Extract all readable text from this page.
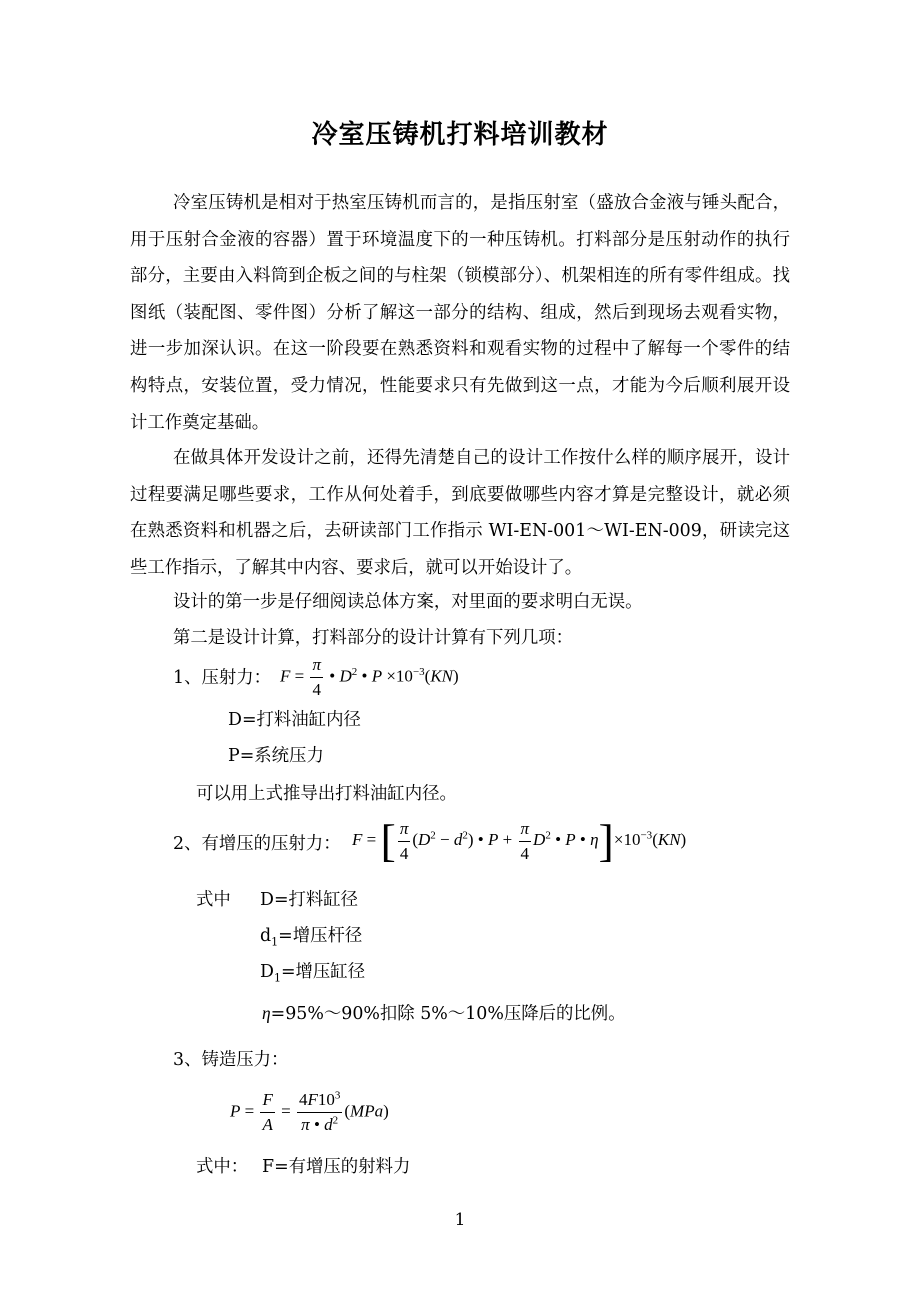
冷室压铸机打料培训教材
冷室压铸机是相对于热室压铸机而言的，是指压射室（盛放合金液与锤头配合，用于压射合金液的容器）置于环境温度下的一种压铸机。打料部分是压射动作的执行部分，主要由入料筒到企板之间的与柱架（锁模部分）、机架相连的所有零件组成。找图纸（装配图、零件图）分析了解这一部分的结构、组成，然后到现场去观看实物，进一步加深认识。在这一阶段要在熟悉资料和观看实物的过程中了解每一个零件的结构特点，安装位置，受力情况，性能要求只有先做到这一点，才能为今后顺利展开设计工作奠定基础。
在做具体开发设计之前，还得先清楚自己的设计工作按什么样的顺序展开，设计过程要满足哪些要求，工作从何处着手，到底要做哪些内容才算是完整设计，就必须在熟悉资料和机器之后，去研读部门工作指示 WI-EN-001～WI-EN-009，研读完这些工作指示，了解其中内容、要求后，就可以开始设计了。
设计的第一步是仔细阅读总体方案，对里面的要求明白无误。
第二是设计计算，打料部分的设计计算有下列几项：
1、压射力： $F = \frac{\pi}{4}$ • $D^2$ • $P \times 10^{-3}(KN)$
D=打料油缸内径
P=系统压力
可以用上式推导出打料油缸内径。
2、有增压的压射力： F = [ $\frac{\pi}{4} (D^2 - d^2)$ • $P + \frac{\pi}{4} D^2$ • P • $\eta]\times 10^{-3}(KN)$
式中 D=打料缸径
$d_1=$增压杆径
$D_1=$增压缸径
η=95%～90%扣除 5%～10%压降后的比例。
3、铸造压力：
$P = \frac{F}{A} = \frac{4F10^3}{\pi • d^2} (MPa)$
式中： F=有增压的射料力
1
